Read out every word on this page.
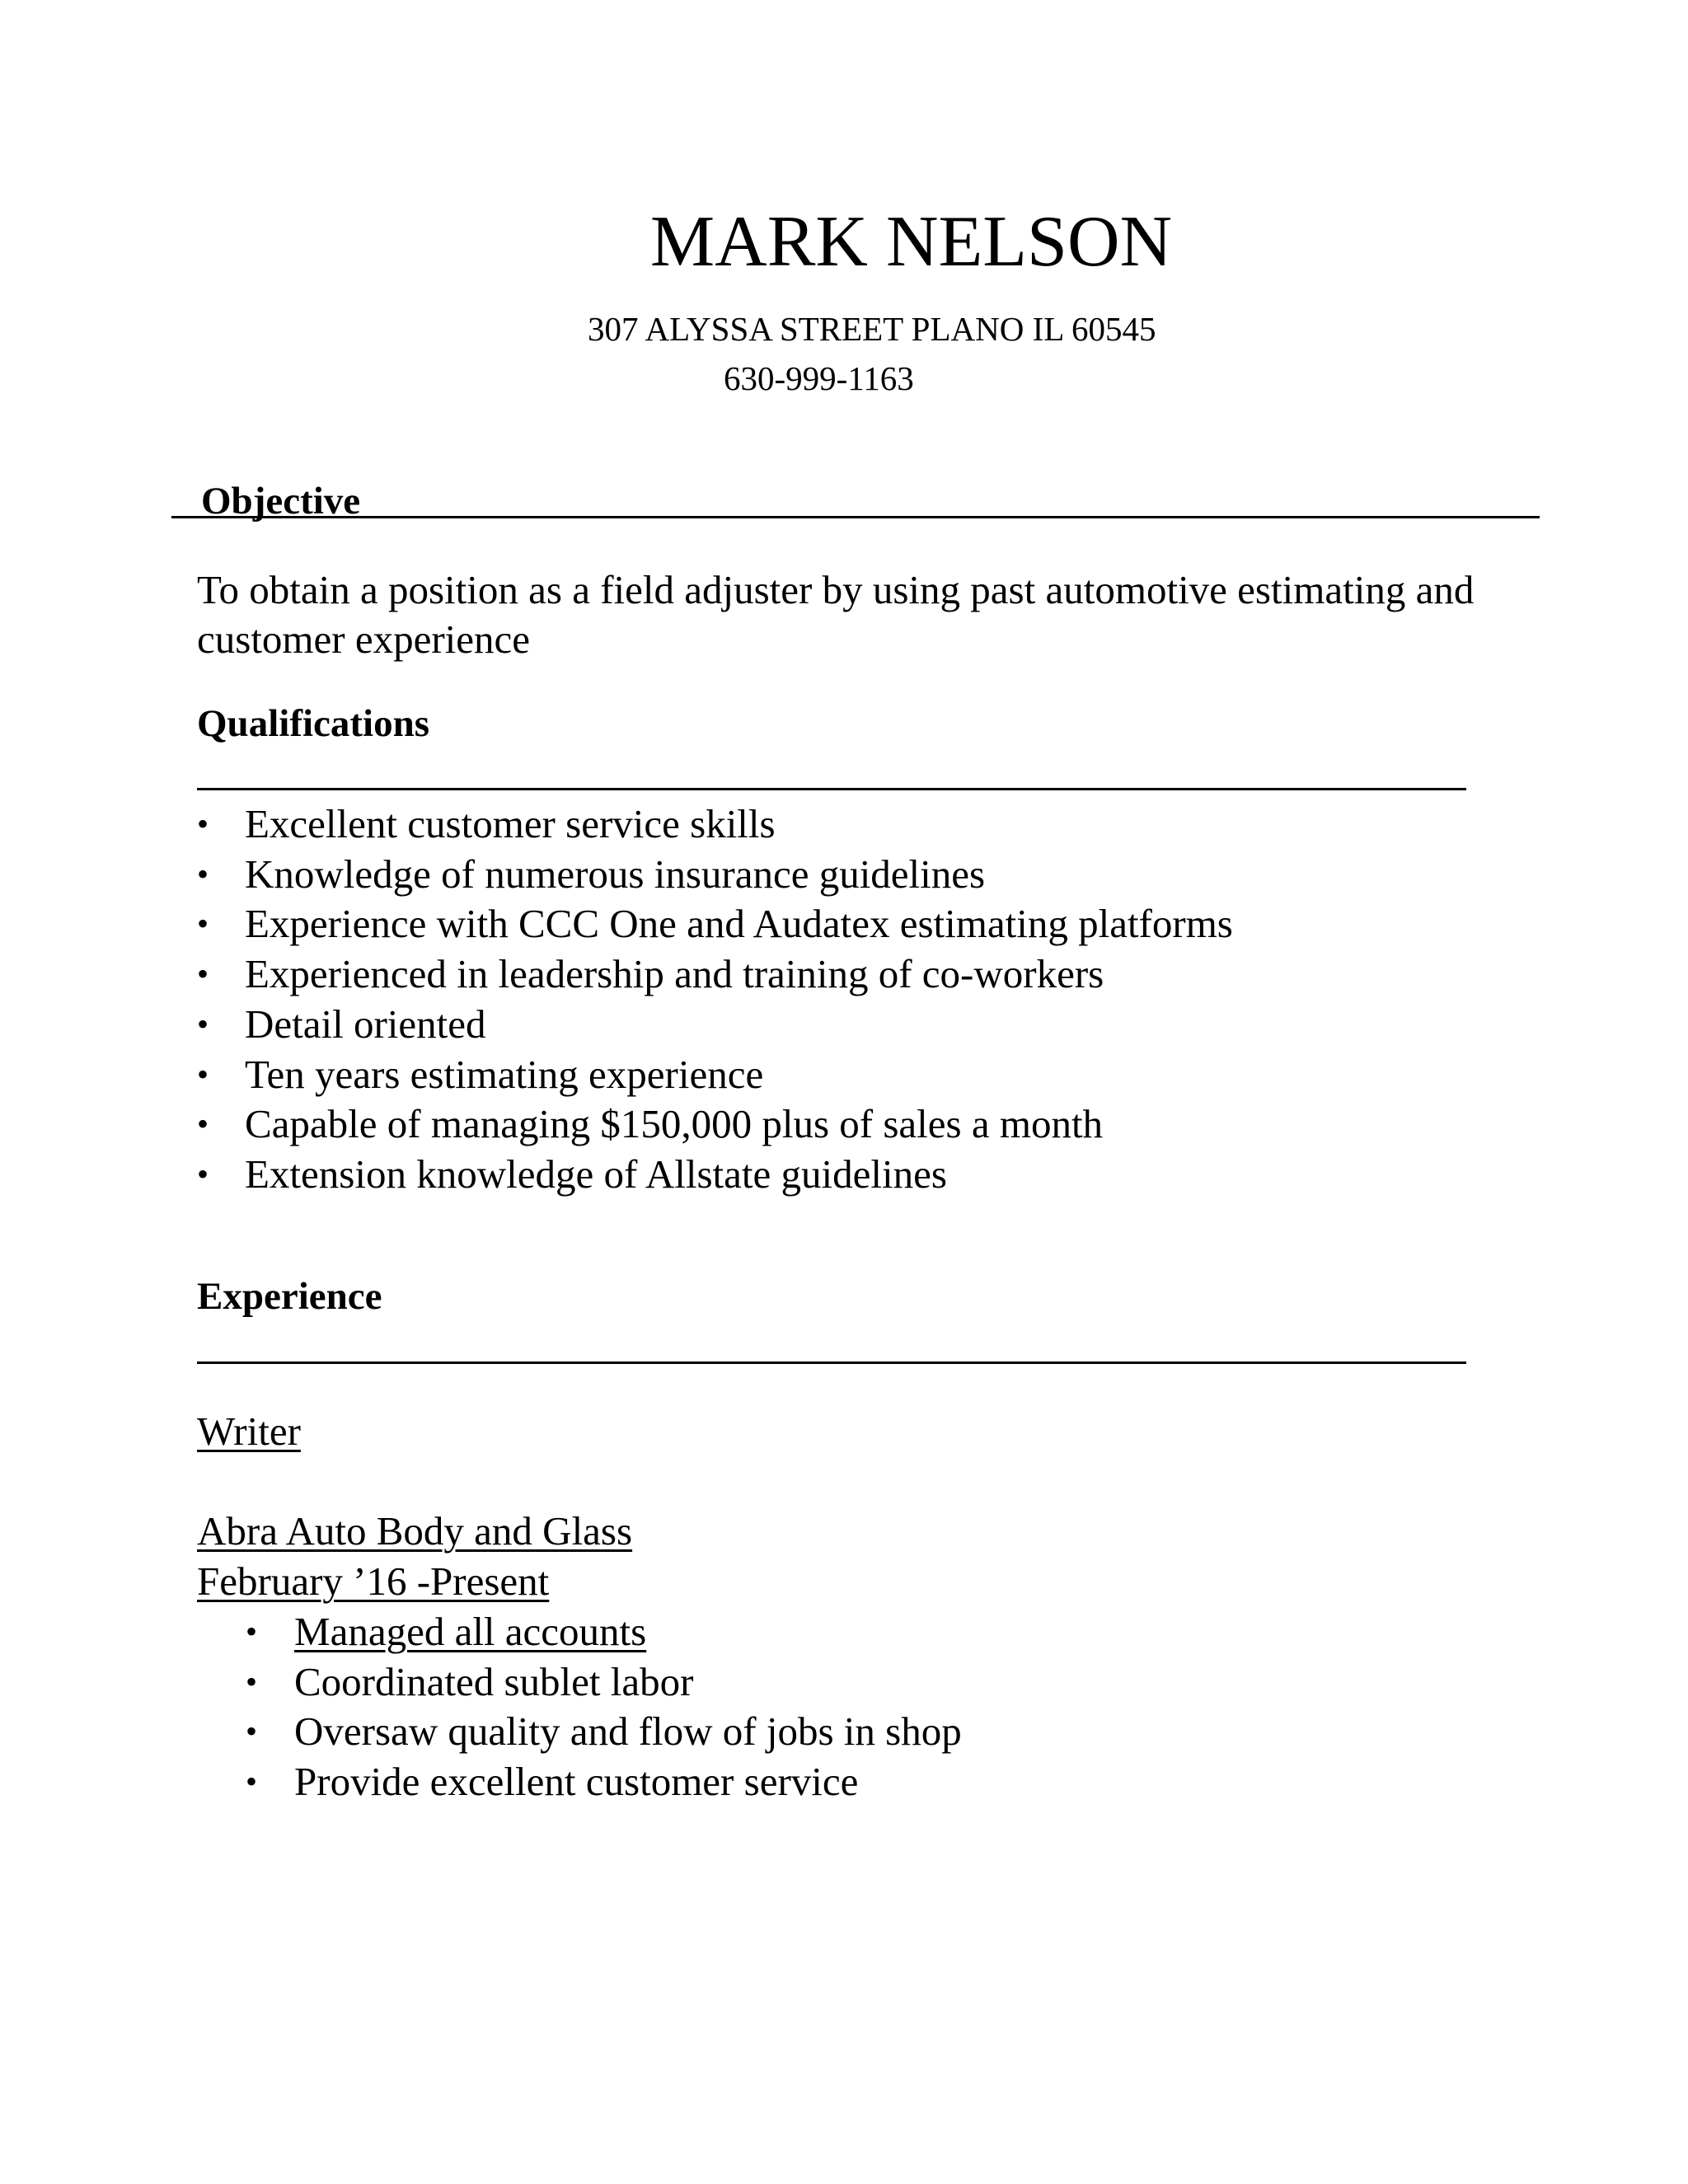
MARK NELSON
307 ALYSSA STREET PLANO IL 60545
630-999-1163
Objective
To obtain a position as a field adjuster by using past automotive estimating and customer experience
Qualifications
• Excellent customer service skills
• Knowledge of numerous insurance guidelines
• Experience with CCC One and Audatex estimating platforms
• Experienced in leadership and training of co-workers
• Detail oriented
• Ten years estimating experience
• Capable of managing $150,000 plus of sales a month
• Extension knowledge of Allstate guidelines
Experience
Writer
Abra Auto Body and Glass
February ’16 -Present
• Managed all accounts
• Coordinated sublet labor
• Oversaw quality and flow of jobs in shop
• Provide excellent customer service
